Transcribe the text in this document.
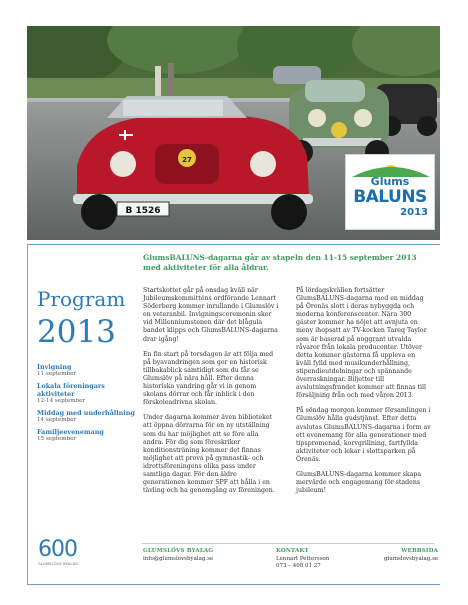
B 1526
27
Glums
BALUNS
2013
GlumsBALUNS-dagarna går av stapeln den 11-15 september 2013 med aktiviteter för alla åldrar.
Program
2013
Invigning
11 september
Lokala föreningars aktiviteter
12-14 september
Middag med underhållning
14 september
Familjeevenemang
15 september

Startskottet går på onsdag kväll när Jubileumskommitténs ordförande Lennart Söderberg kommer inrullande i Glumslöv i en veteranbil. Invigningsceremonin sker vid Millenniumstenen där det blågula bandet klipps och GlumsBALUNS-dagarna drar igång!

En fin start på torsdagen är att följa med på byavandringen som ger en historisk tillbakablick samtidigt som du får se Glumslöv på nära håll. Efter denna historiska vandring går vi in genom skolans dörrar och får inblick i den förskoleadrivna skolan.

Under dagarna kommer även biblioteket att öppna dörrarna för en ny utställning som du har möjlighet att se före alla andra. För dig som föreskriker konditionsträning kommer det finnas möjlighet att prova på gymnastik- och idrottsföreningens olika pass under samtliga dagar. För den äldre generationen kommer SPF att hålla i en tävling och ha genomgång av föreningen.

På lördagskvällen fortsätter GlumsBALUNS-dagarna med en middag på Örenäs slott i deras nybyggda och moderna konferenscenter. Nära 300 gäster kommer ha nöjet att avnjuta en meny ihopsatt av TV-kocken Tareq Taylor som är baserad på noggrant utvalda råvaror från lokala producenter. Utöver detta kommer gästerna få uppleva en kväll fylld med musikunderhållning, stipendieutdelningar och spännande överraskningar. Biljetter till avslutningsfrandet kommer att finnas till försäljning från och med våren 2013.

På söndag morgon kommer församlingen i Glumslöv hålla gudstjänst. Efter detta avslutas GlumsBALUNS-dagarna i form av ett evenemang för alla generationer med tipspromenad, korvgrillning, fartfyllda aktiviteter och lekar i slottsparken på Örenäs.

GlumsBALUNS-dagarna kommer skapa mervärde och engagemang för stadens jubileum!

600
GLUMSLÖVS BYALAG
GLUMSLÖVS BYALAG
info@glumslovsbyalag.se
KONTAKT
Lennart Pettersson
073 – 408 01 27
WEBBSIDA
glumslovsbyalag.se
